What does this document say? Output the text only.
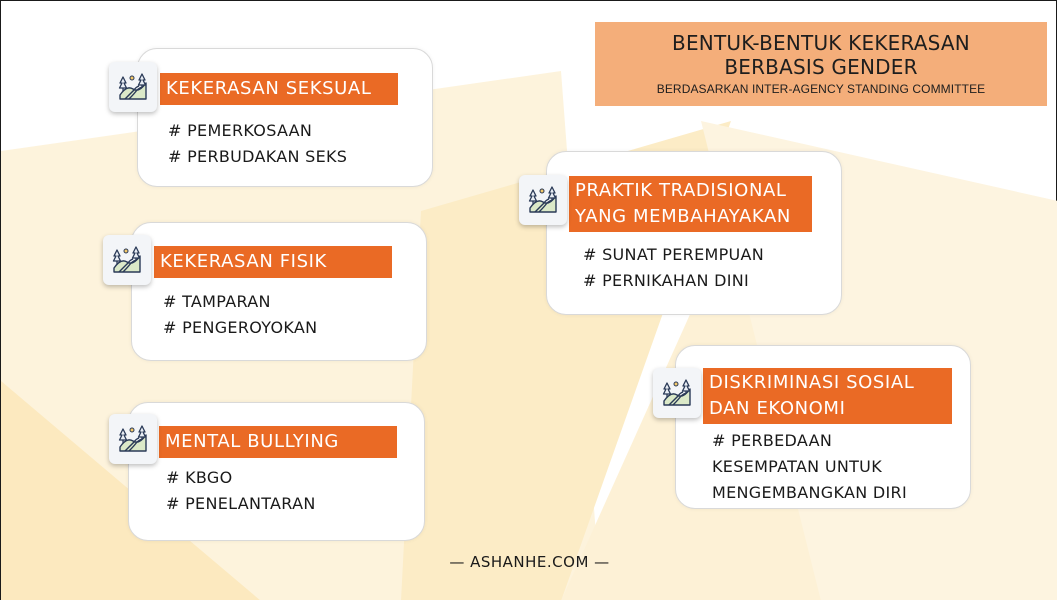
BENTUK-BENTUK KEKERASAN
BERBASIS GENDER
BERDASARKAN INTER-AGENCY STANDING COMMITTEE
KEKERASAN SEKSUAL
# PEMERKOSAAN
# PERBUDAKAN SEKS
KEKERASAN FISIK
# TAMPARAN
# PENGEROYOKAN
MENTAL BULLYING
# KBGO
# PENELANTARAN
PRAKTIK TRADISIONAL
YANG MEMBAHAYAKAN
# SUNAT PEREMPUAN
# PERNIKAHAN DINI
DISKRIMINASI SOSIAL
DAN EKONOMI
# PERBEDAAN
KESEMPATAN UNTUK
MENGEMBANGKAN DIRI
— ASHANHE.COM —
